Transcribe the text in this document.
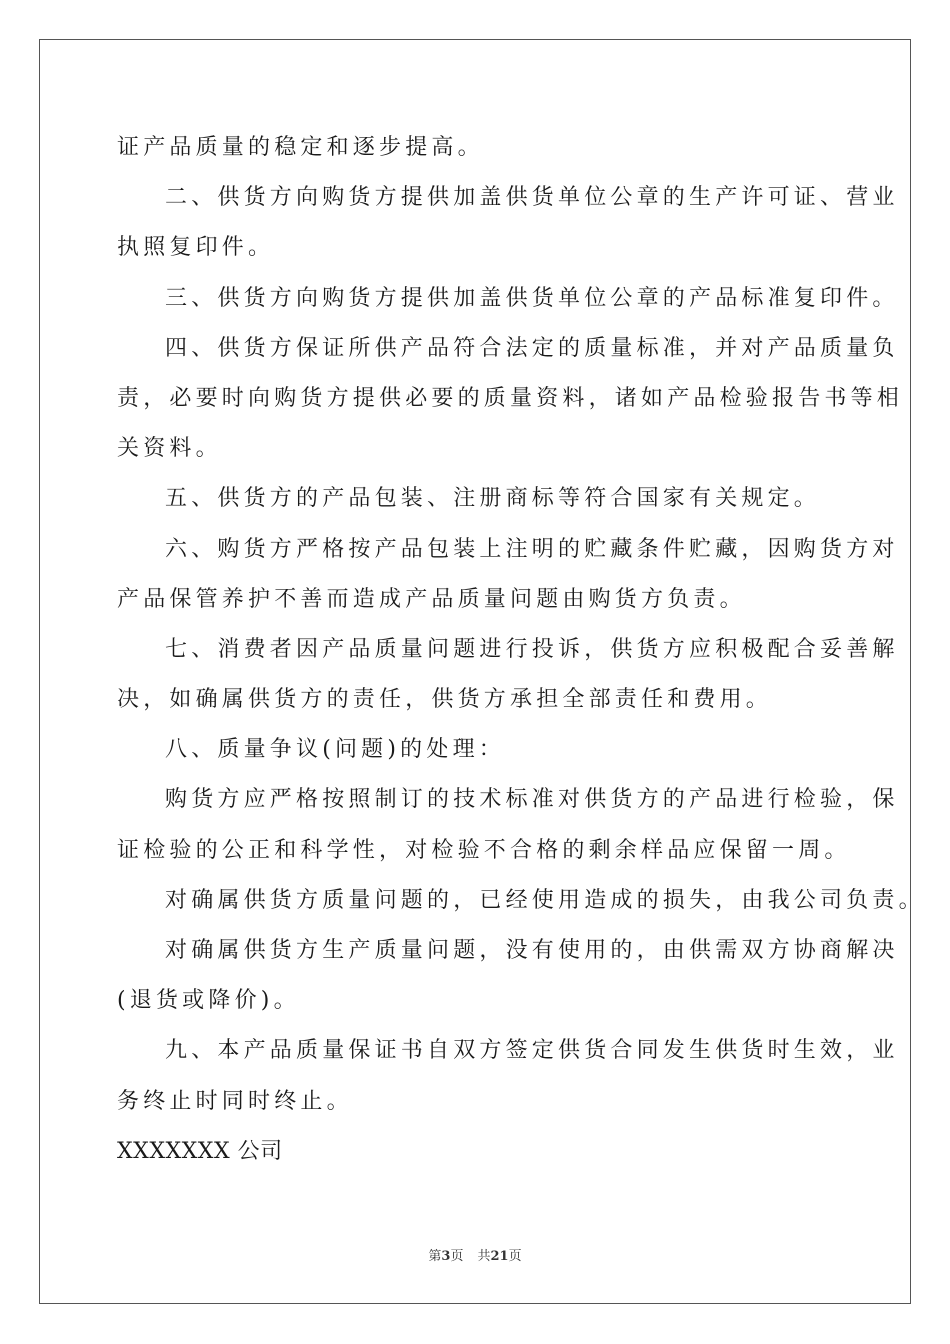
证产品质量的稳定和逐步提高。
二、供货方向购货方提供加盖供货单位公章的生产许可证、营业
执照复印件。
三、供货方向购货方提供加盖供货单位公章的产品标准复印件。
四、供货方保证所供产品符合法定的质量标准，并对产品质量负
责，必要时向购货方提供必要的质量资料，诸如产品检验报告书等相
关资料。
五、供货方的产品包装、注册商标等符合国家有关规定。
六、购货方严格按产品包装上注明的贮藏条件贮藏，因购货方对
产品保管养护不善而造成产品质量问题由购货方负责。
七、消费者因产品质量问题进行投诉，供货方应积极配合妥善解
决，如确属供货方的责任，供货方承担全部责任和费用。
八、质量争议(问题)的处理：
购货方应严格按照制订的技术标准对供货方的产品进行检验，保
证检验的公正和科学性，对检验不合格的剩余样品应保留一周。
对确属供货方质量问题的，已经使用造成的损失，由我公司负责。
对确属供货方生产质量问题，没有使用的，由供需双方协商解决
(退货或降价)。
九、本产品质量保证书自双方签定供货合同发生供货时生效，业
务终止时同时终止。
XXXXXXX 公司
第3页 共21页
